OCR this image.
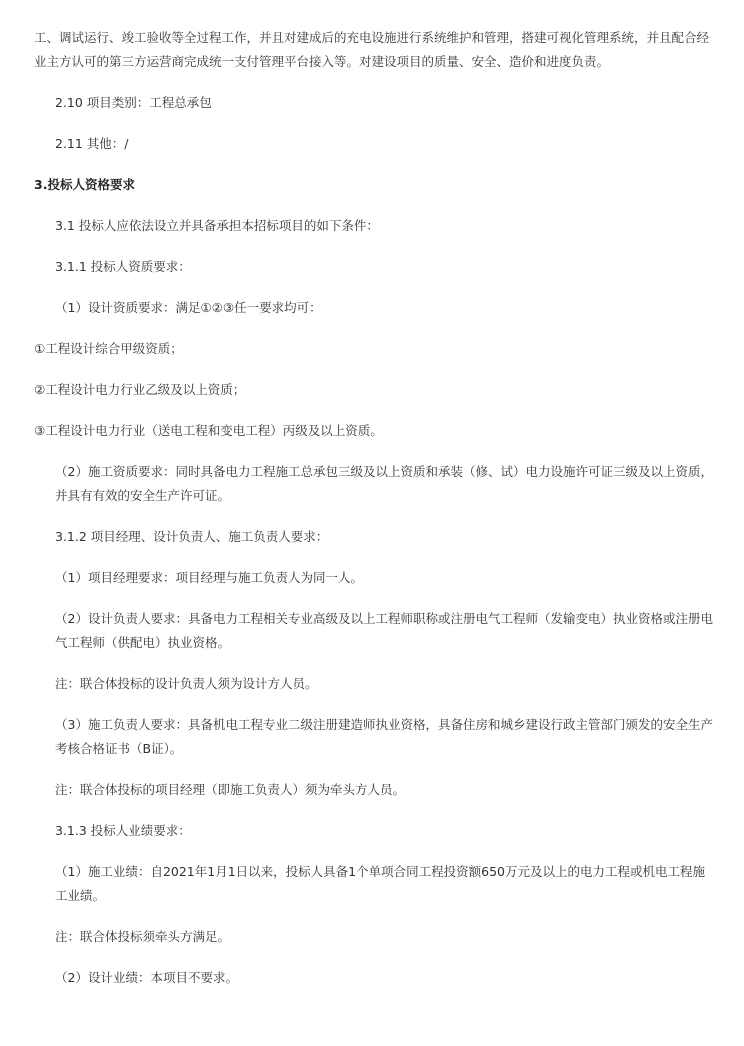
工、调试运行、竣工验收等全过程工作，并且对建成后的充电设施进行系统维护和管理，搭建可视化管理系统，并且配合经业主方认可的第三方运营商完成统一支付管理平台接入等。对建设项目的质量、安全、造价和进度负责。

2.10 项目类别：工程总承包

2.11 其他：/

3.投标人资格要求

3.1 投标人应依法设立并具备承担本招标项目的如下条件：

3.1.1 投标人资质要求：

（1）设计资质要求：满足①②③任一要求均可：

①工程设计综合甲级资质；

②工程设计电力行业乙级及以上资质；

③工程设计电力行业（送电工程和变电工程）丙级及以上资质。

（2）施工资质要求：同时具备电力工程施工总承包三级及以上资质和承装（修、试）电力设施许可证三级及以上资质，并具有有效的安全生产许可证。

3.1.2 项目经理、设计负责人、施工负责人要求：

（1）项目经理要求：项目经理与施工负责人为同一人。

（2）设计负责人要求：具备电力工程相关专业高级及以上工程师职称或注册电气工程师（发输变电）执业资格或注册电气工程师（供配电）执业资格。

注：联合体投标的设计负责人须为设计方人员。

（3）施工负责人要求：具备机电工程专业二级注册建造师执业资格，具备住房和城乡建设行政主管部门颁发的安全生产考核合格证书（B证）。

注：联合体投标的项目经理（即施工负责人）须为牵头方人员。

3.1.3 投标人业绩要求：

（1）施工业绩：自2021年1月1日以来，投标人具备1个单项合同工程投资额650万元及以上的电力工程或机电工程施工业绩。

注：联合体投标须牵头方满足。

（2）设计业绩：本项目不要求。
